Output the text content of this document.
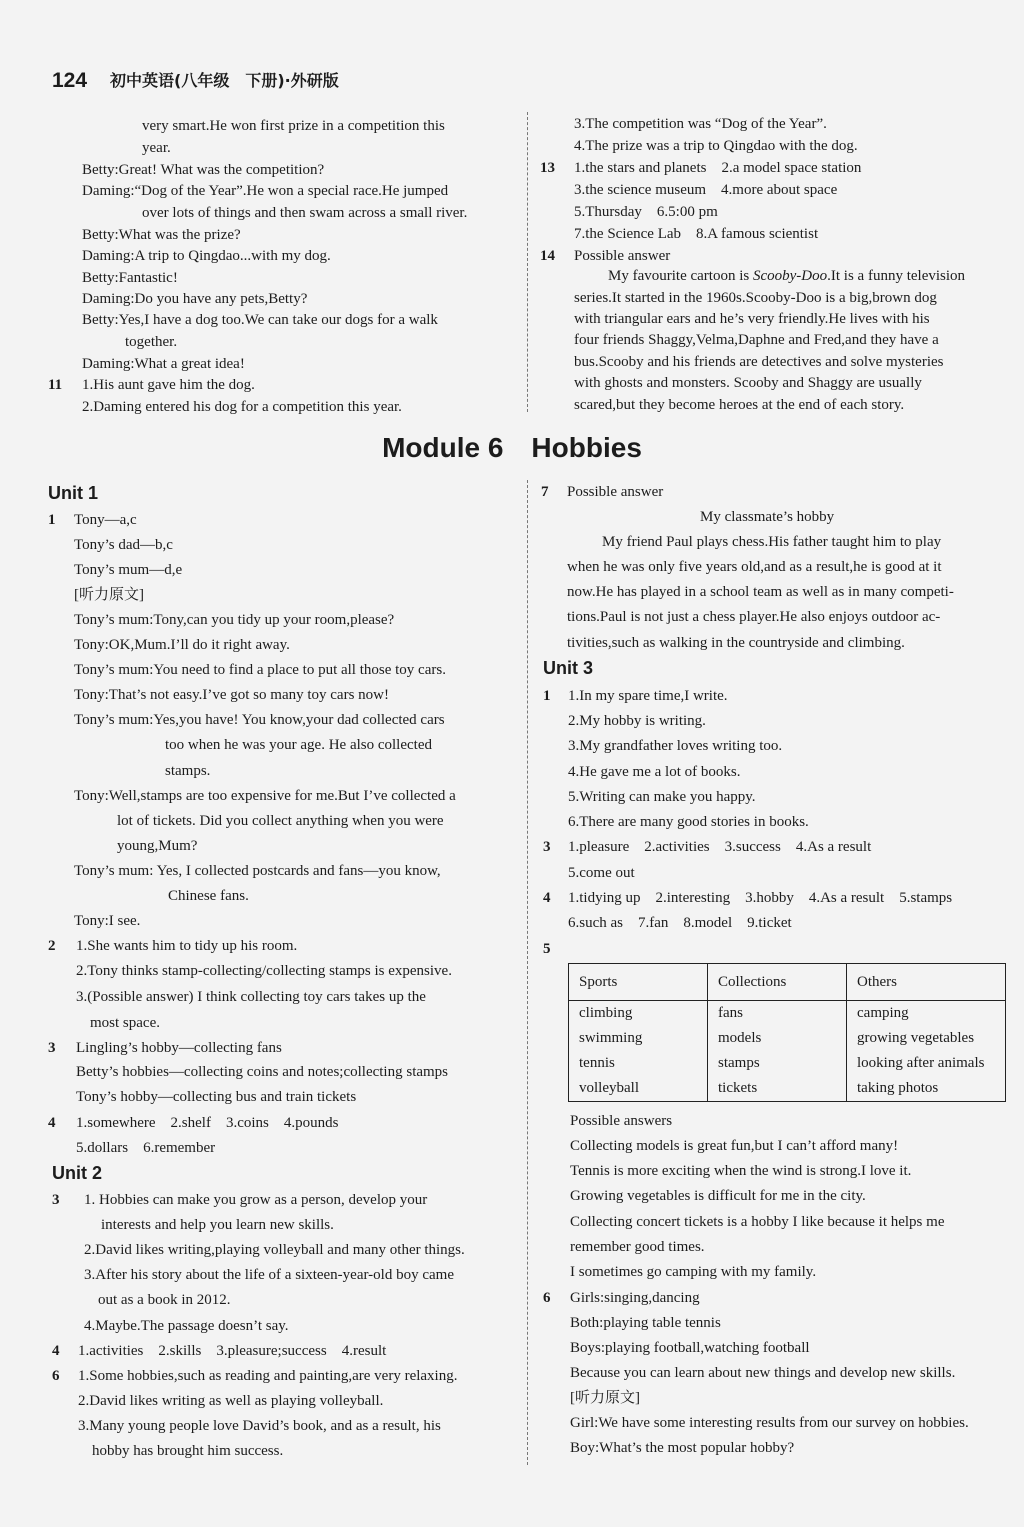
124 初中英语(八年级　下册)·外研版
Module 6　Hobbies
very smart.He won first prize in a competition this
year.
Betty:Great! What was the competition?
Daming:“Dog of the Year”.He won a special race.He jumped
over lots of things and then swam across a small river.
Betty:What was the prize?
Daming:A trip to Qingdao...with my dog.
Betty:Fantastic!
Daming:Do you have any pets,Betty?
Betty:Yes,I have a dog too.We can take our dogs for a walk
together.
Daming:What a great idea!
11 1.His aunt gave him the dog.
2.Daming entered his dog for a competition this year.
3.The competition was “Dog of the Year”.
4.The prize was a trip to Qingdao with the dog.
13 1.the stars and planets　2.a model space station
3.the science museum　4.more about space
5.Thursday　6.5:00 pm
7.the Science Lab　8.A famous scientist
14 Possible answer
My favourite cartoon is Scooby-Doo.It is a funny television
series.It started in the 1960s.Scooby-Doo is a big,brown dog
with triangular ears and he’s very friendly.He lives with his
four friends Shaggy,Velma,Daphne and Fred,and they have a
bus.Scooby and his friends are detectives and solve mysteries
with ghosts and monsters. Scooby and Shaggy are usually
scared,but they become heroes at the end of each story.
Unit 1
Unit 2
Unit 3
1 Tony—a,c
Tony’s dad—b,c
Tony’s mum—d,e
[听力原文]
Tony’s mum:Tony,can you tidy up your room,please?
Tony:OK,Mum.I’ll do it right away.
Tony’s mum:You need to find a place to put all those toy cars.
Tony:That’s not easy.I’ve got so many toy cars now!
Tony’s mum:Yes,you have! You know,your dad collected cars
too when he was your age. He also collected
stamps.
Tony:Well,stamps are too expensive for me.But I’ve collected a
lot of tickets. Did you collect anything when you were
young,Mum?
Tony’s mum: Yes, I collected postcards and fans—you know,
Chinese fans.
Tony:I see.
2 1.She wants him to tidy up his room.
2.Tony thinks stamp-collecting/collecting stamps is expensive.
3.(Possible answer) I think collecting toy cars takes up the
most space.
3 Lingling’s hobby—collecting fans
Betty’s hobbies—collecting coins and notes;collecting stamps
Tony’s hobby—collecting bus and train tickets
4 1.somewhere　2.shelf　3.coins　4.pounds
5.dollars　6.remember
3 1. Hobbies can make you grow as a person, develop your
interests and help you learn new skills.
2.David likes writing,playing volleyball and many other things.
3.After his story about the life of a sixteen-year-old boy came
out as a book in 2012.
4.Maybe.The passage doesn’t say.
4 1.activities　2.skills　3.pleasure;success　4.result
6 1.Some hobbies,such as reading and painting,are very relaxing.
2.David likes writing as well as playing volleyball.
3.Many young people love David’s book, and as a result, his
hobby has brought him success.
7 Possible answer
My friend Paul plays chess.His father taught him to play
when he was only five years old,and as a result,he is good at it
now.He has played in a school team as well as in many competi-
tions.Paul is not just a chess player.He also enjoys outdoor ac-
tivities,such as walking in the countryside and climbing.
1 1.In my spare time,I write.
2.My hobby is writing.
3.My grandfather loves writing too.
4.He gave me a lot of books.
5.Writing can make you happy.
6.There are many good stories in books.
3 1.pleasure　2.activities　3.success　4.As a result
5.come out
4 1.tidying up　2.interesting　3.hobby　4.As a result　5.stamps
6.such as　7.fan　8.model　9.ticket
5
Possible answers
Collecting models is great fun,but I can’t afford many!
Tennis is more exciting when the wind is strong.I love it.
Growing vegetables is difficult for me in the city.
Collecting concert tickets is a hobby I like because it helps me
remember good times.
I sometimes go camping with my family.
6 Girls:singing,dancing
Both:playing table tennis
Boys:playing football,watching football
Because you can learn about new things and develop new skills.
[听力原文]
Girl:We have some interesting results from our survey on hobbies.
Boy:What’s the most popular hobby?
My classmate’s hobby
Sports	Collections	Others
climbing	fans	camping
swimming	models	growing vegetables
tennis	stamps	looking after animals
volleyball	tickets	taking photos
